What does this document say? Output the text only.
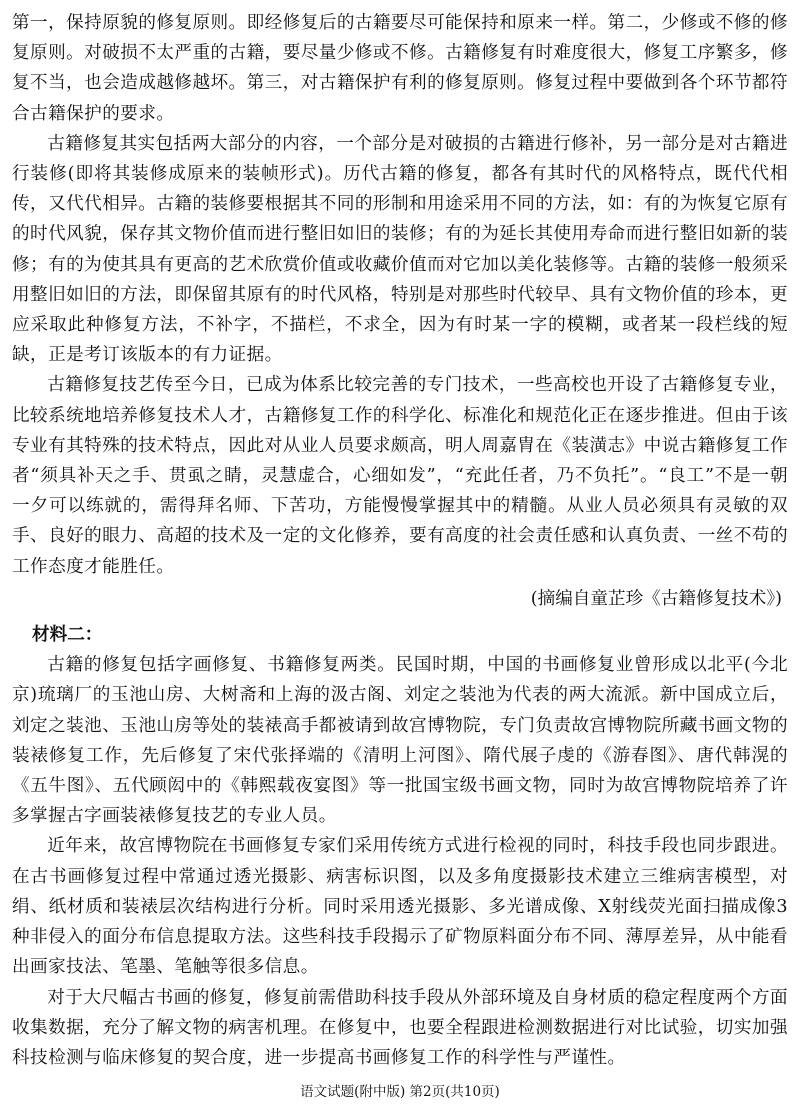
第一，保持原貌的修复原则。即经修复后的古籍要尽可能保持和原来一样。第二，少修或不修的修复原则。对破损不太严重的古籍，要尽量少修或不修。古籍修复有时难度很大，修复工序繁多，修复不当，也会造成越修越坏。第三，对古籍保护有利的修复原则。修复过程中要做到各个环节都符合古籍保护的要求。

古籍修复其实包括两大部分的内容，一个部分是对破损的古籍进行修补，另一部分是对古籍进行装修(即将其装修成原来的装帧形式)。历代古籍的修复，都各有其时代的风格特点，既代代相传，又代代相异。古籍的装修要根据其不同的形制和用途采用不同的方法，如：有的为恢复它原有的时代风貌，保存其文物价值而进行整旧如旧的装修；有的为延长其使用寿命而进行整旧如新的装修；有的为使其具有更高的艺术欣赏价值或收藏价值而对它加以美化装修等。古籍的装修一般须采用整旧如旧的方法，即保留其原有的时代风格，特别是对那些时代较早、具有文物价值的珍本，更应采取此种修复方法，不补字，不描栏，不求全，因为有时某一字的模糊，或者某一段栏线的短缺，正是考订该版本的有力证据。

古籍修复技艺传至今日，已成为体系比较完善的专门技术，一些高校也开设了古籍修复专业，比较系统地培养修复技术人才，古籍修复工作的科学化、标准化和规范化正在逐步推进。但由于该专业有其特殊的技术特点，因此对从业人员要求颇高，明人周嘉胄在《装潢志》中说古籍修复工作者“须具补天之手、贯虱之睛，灵慧虚合，心细如发”，“充此任者，乃不负托”。“良工”不是一朝一夕可以练就的，需得拜名师、下苦功，方能慢慢掌握其中的精髓。从业人员必须具有灵敏的双手、良好的眼力、高超的技术及一定的文化修养，要有高度的社会责任感和认真负责、一丝不苟的工作态度才能胜任。

(摘编自童芷珍《古籍修复技术》)
材料二：

古籍的修复包括字画修复、书籍修复两类。民国时期，中国的书画修复业曾形成以北平(今北京)琉璃厂的玉池山房、大树斋和上海的汲古阁、刘定之装池为代表的两大流派。新中国成立后，刘定之装池、玉池山房等处的装裱高手都被请到故宫博物院，专门负责故宫博物院所藏书画文物的装裱修复工作，先后修复了宋代张择端的《清明上河图》、隋代展子虔的《游春图》、唐代韩滉的《五牛图》、五代顾闳中的《韩熙载夜宴图》等一批国宝级书画文物，同时为故宫博物院培养了许多掌握古字画装裱修复技艺的专业人员。

近年来，故宫博物院在书画修复专家们采用传统方式进行检视的同时，科技手段也同步跟进。在古书画修复过程中常通过透光摄影、病害标识图，以及多角度摄影技术建立三维病害模型，对绢、纸材质和装裱层次结构进行分析。同时采用透光摄影、多光谱成像、X射线荧光面扫描成像3种非侵入的面分布信息提取方法。这些科技手段揭示了矿物原料面分布不同、薄厚差异，从中能看出画家技法、笔墨、笔触等很多信息。

对于大尺幅古书画的修复，修复前需借助科技手段从外部环境及自身材质的稳定程度两个方面收集数据，充分了解文物的病害机理。在修复中，也要全程跟进检测数据进行对比试验，切实加强科技检测与临床修复的契合度，进一步提高书画修复工作的科学性与严谨性。

语文试题(附中版) 第2页(共10页)
